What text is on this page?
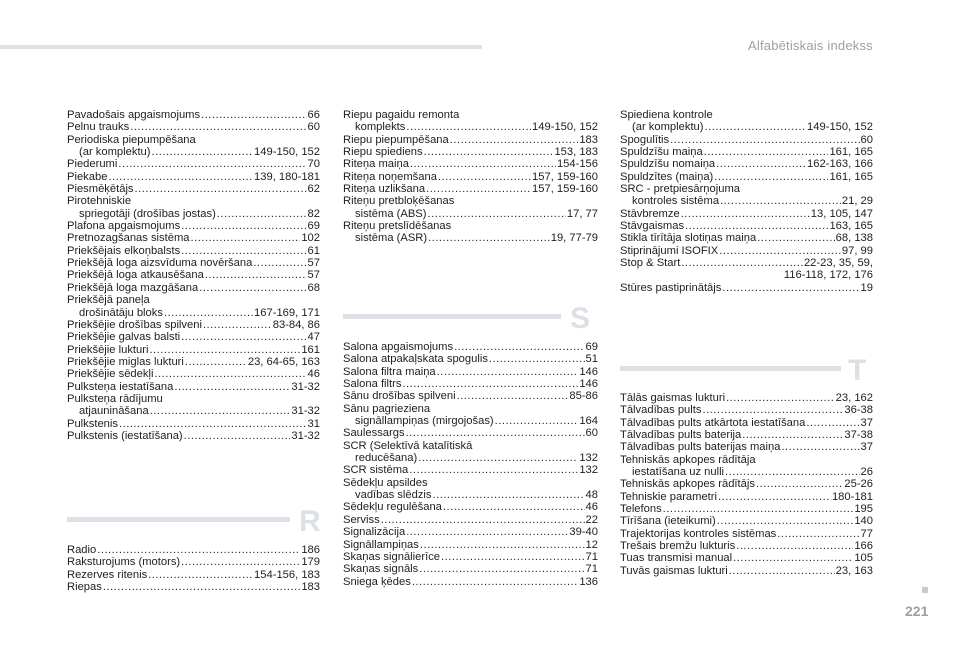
Alfabētiskais indekss
221
Pavadošais apgaismojums .....	66
Pelnu trauks .....	60
Periodiska piepumpēšana
(ar komplektu) .....	149-150, 152
Piederumi .....	70
Piekabe .....	139, 180-181
Piesmēķētājs .....	62
Pirotehniskie
spriegotāji (drošības jostas) .....	82
Plafona apgaismojums .....	69
Pretnozagšanas sistēma .....	102
Priekšējais elkoņbalsts .....	61
Priekšējā loga aizsvīduma novēršana .....	57
Priekšējā loga atkausēšana .....	57
Priekšējā loga mazgāšana .....	68
Priekšējā paneļa
drošinātāju bloks .....	167-169, 171
Priekšējie drošības spilveni .....	83-84, 86
Priekšējie galvas balsti .....	47
Priekšējie lukturi .....	161
Priekšējie miglas lukturi .....	23, 64-65, 163
Priekšējie sēdekļi .....	46
Pulksteņa iestatīšana .....	31-32
Pulksteņa rādījumu
atjaunināšana .....	31-32
Pulkstenis .....	31
Pulkstenis (iestatīšana) .....	31-32
R
Radio .....	186
Raksturojums (motors) .....	179
Rezerves ritenis .....	154-156, 183
Riepas .....	183
Riepu pagaidu remonta
komplekts .....	149-150, 152
Riepu piepumpēšana .....	183
Riepu spiediens .....	153, 183
Riteņa maiņa .....	154-156
Riteņa noņemšana .....	157, 159-160
Riteņa uzlikšana .....	157, 159-160
Riteņu pretbloķēšanas
sistēma (ABS) .....	17, 77
Riteņu pretslīdēšanas
sistēma (ASR) .....	19, 77-79
S
Salona apgaismojums .....	69
Salona atpakaļskata spogulis .....	51
Salona filtra maiņa .....	146
Salona filtrs .....	146
Sānu drošības spilveni .....	85-86
Sānu pagrieziena
signāllampiņas (mirgojošas) .....	164
Saulessargs .....	60
SCR (Selektīvā katalītiskā
reducēšana) .....	132
SCR sistēma .....	132
Sēdekļu apsildes
vadības slēdzis .....	48
Sēdekļu regulēšana .....	46
Serviss .....	22
Signalizācija .....	39-40
Signāllampiņas .....	12
Skaņas signālierīce .....	71
Skaņas signāls .....	71
Sniega ķēdes .....	136
Spiediena kontrole
(ar komplektu) .....	149-150, 152
Spogulītis .....	60
Spuldzīšu maiņa .....	161, 165
Spuldzīšu nomaiņa .....	162-163, 166
Spuldzītes (maiņa) .....	161, 165
SRC - pretpiesārņojuma
kontroles sistēma .....	21, 29
Stāvbremze .....	13, 105, 147
Stāvgaismas .....	163, 165
Stikla tīrītāja slotiņas maiņa .....	68, 138
Stiprinājumi ISOFIX .....	97, 99
Stop & Start .....	22-23, 35, 59,
116-118, 172, 176
Stūres pastiprinātājs .....	19
T
Tālās gaismas lukturi .....	23, 162
Tālvadības pults .....	36-38
Tālvadības pults atkārtota iestatīšana .....	37
Tālvadības pults baterija .....	37-38
Tālvadības pults baterijas maiņa .....	37
Tehniskās apkopes rādītāja
iestatīšana uz nulli .....	26
Tehniskās apkopes rādītājs .....	25-26
Tehniskie parametri .....	180-181
Telefons .....	195
Tīrīšana (ieteikumi) .....	140
Trajektorijas kontroles sistēmas .....	77
Trešais bremžu lukturis .....	166
Tuas transmisi manual .....	105
Tuvās gaismas lukturi .....	23, 163
